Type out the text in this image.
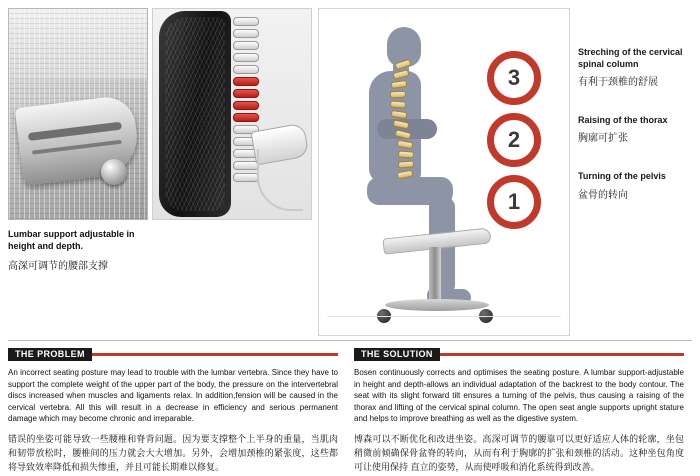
3
2
1
Streching of the cervical spinal column
有利于颈椎的舒展
Raising of the thorax
胸廓可扩张
Turning of the pelvis
盆骨的转向
Lumbar support adjustable in height and depth.
高深可调节的腰部支撑
THE PROBLEM
An incorrect seating posture may lead to trouble with the lumbar vertebra. Since they have to support the complete weight of the upper part of the body, the pressure on the intervertebral discs increased when muscles and ligaments relax. In addition,fension will be caused in the cervical vertebra. All this will result in a decrease in efficiency and serious permanent damage which may become chronic and irreparable.
错误的坐姿可能导致一些腰椎和脊背问题。因为要支撑整个上半身的重量，当肌肉和韧带放松时，腰椎间的压力就会大大增加。另外，会增加颈椎的紧张度，这些都将导致效率降低和损失惨重，并且可能长期难以修复。
THE SOLUTION
Bosen continuously corrects and optimises the seating posture. A lumbar support-adjustable in height and depth-allows an individual adaptation of the backrest to the body contour. The seat with its slight forward tilt ensures a turning of the pelvis, thus causing a raising of the thorax and lifting of the cervical spinal column. The open seat angle supports upright stature and helps to improve breathing as well as the digestive system.
博森可以不断优化和改进坐姿。高深可调节的腰靠可以更好适应人体的轮廓，坐包稍微前倾确保骨盆脊的转向，从而有利于胸廓的扩张和颈椎的活动。这种坐包角度可让使用保持 直立的姿势，从而使呼吸和消化系统得到改善。
